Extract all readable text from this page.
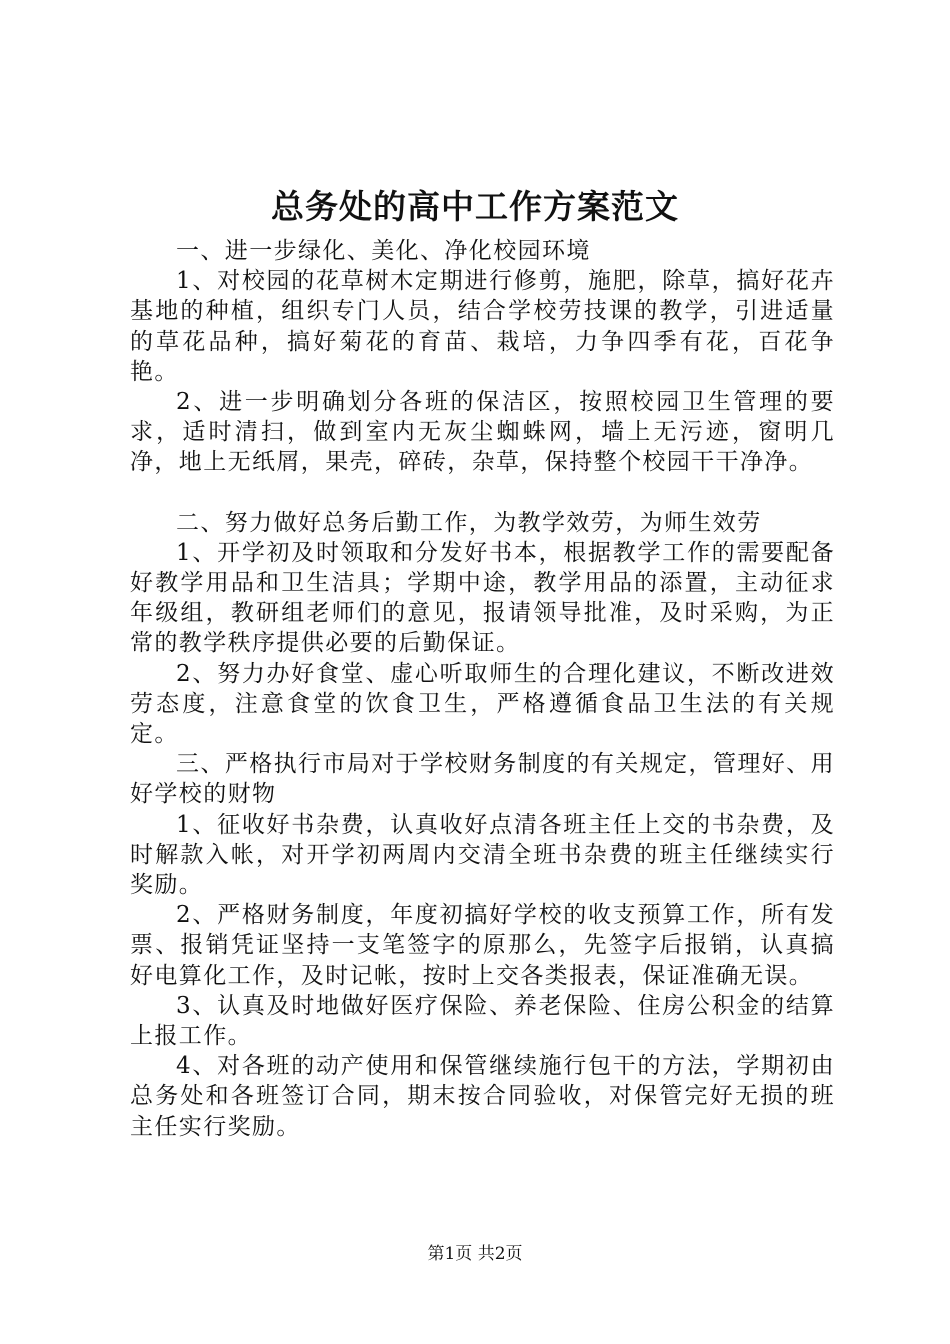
总务处的高中工作方案范文

一、进一步绿化、美化、净化校园环境

1、对校园的花草树木定期进行修剪，施肥，除草，搞好花卉基地的种植，组织专门人员，结合学校劳技课的教学，引进适量的草花品种，搞好菊花的育苗、栽培，力争四季有花，百花争艳。

2、进一步明确划分各班的保洁区，按照校园卫生管理的要求，适时清扫，做到室内无灰尘蜘蛛网，墙上无污迹，窗明几净，地上无纸屑，果壳，碎砖，杂草，保持整个校园干干净净。

二、努力做好总务后勤工作，为教学效劳，为师生效劳

1、开学初及时领取和分发好书本，根据教学工作的需要配备好教学用品和卫生洁具；学期中途，教学用品的添置，主动征求年级组，教研组老师们的意见，报请领导批准，及时采购，为正常的教学秩序提供必要的后勤保证。

2、努力办好食堂、虚心听取师生的合理化建议，不断改进效劳态度，注意食堂的饮食卫生，严格遵循食品卫生法的有关规定。

三、严格执行市局对于学校财务制度的有关规定，管理好、用好学校的财物

1、征收好书杂费，认真收好点清各班主任上交的书杂费，及时解款入帐，对开学初两周内交清全班书杂费的班主任继续实行奖励。

2、严格财务制度，年度初搞好学校的收支预算工作，所有发票、报销凭证坚持一支笔签字的原那么，先签字后报销，认真搞好电算化工作，及时记帐，按时上交各类报表，保证准确无误。

3、认真及时地做好医疗保险、养老保险、住房公积金的结算上报工作。

4、对各班的动产使用和保管继续施行包干的方法，学期初由总务处和各班签订合同，期末按合同验收，对保管完好无损的班主任实行奖励。

第1页 共2页
